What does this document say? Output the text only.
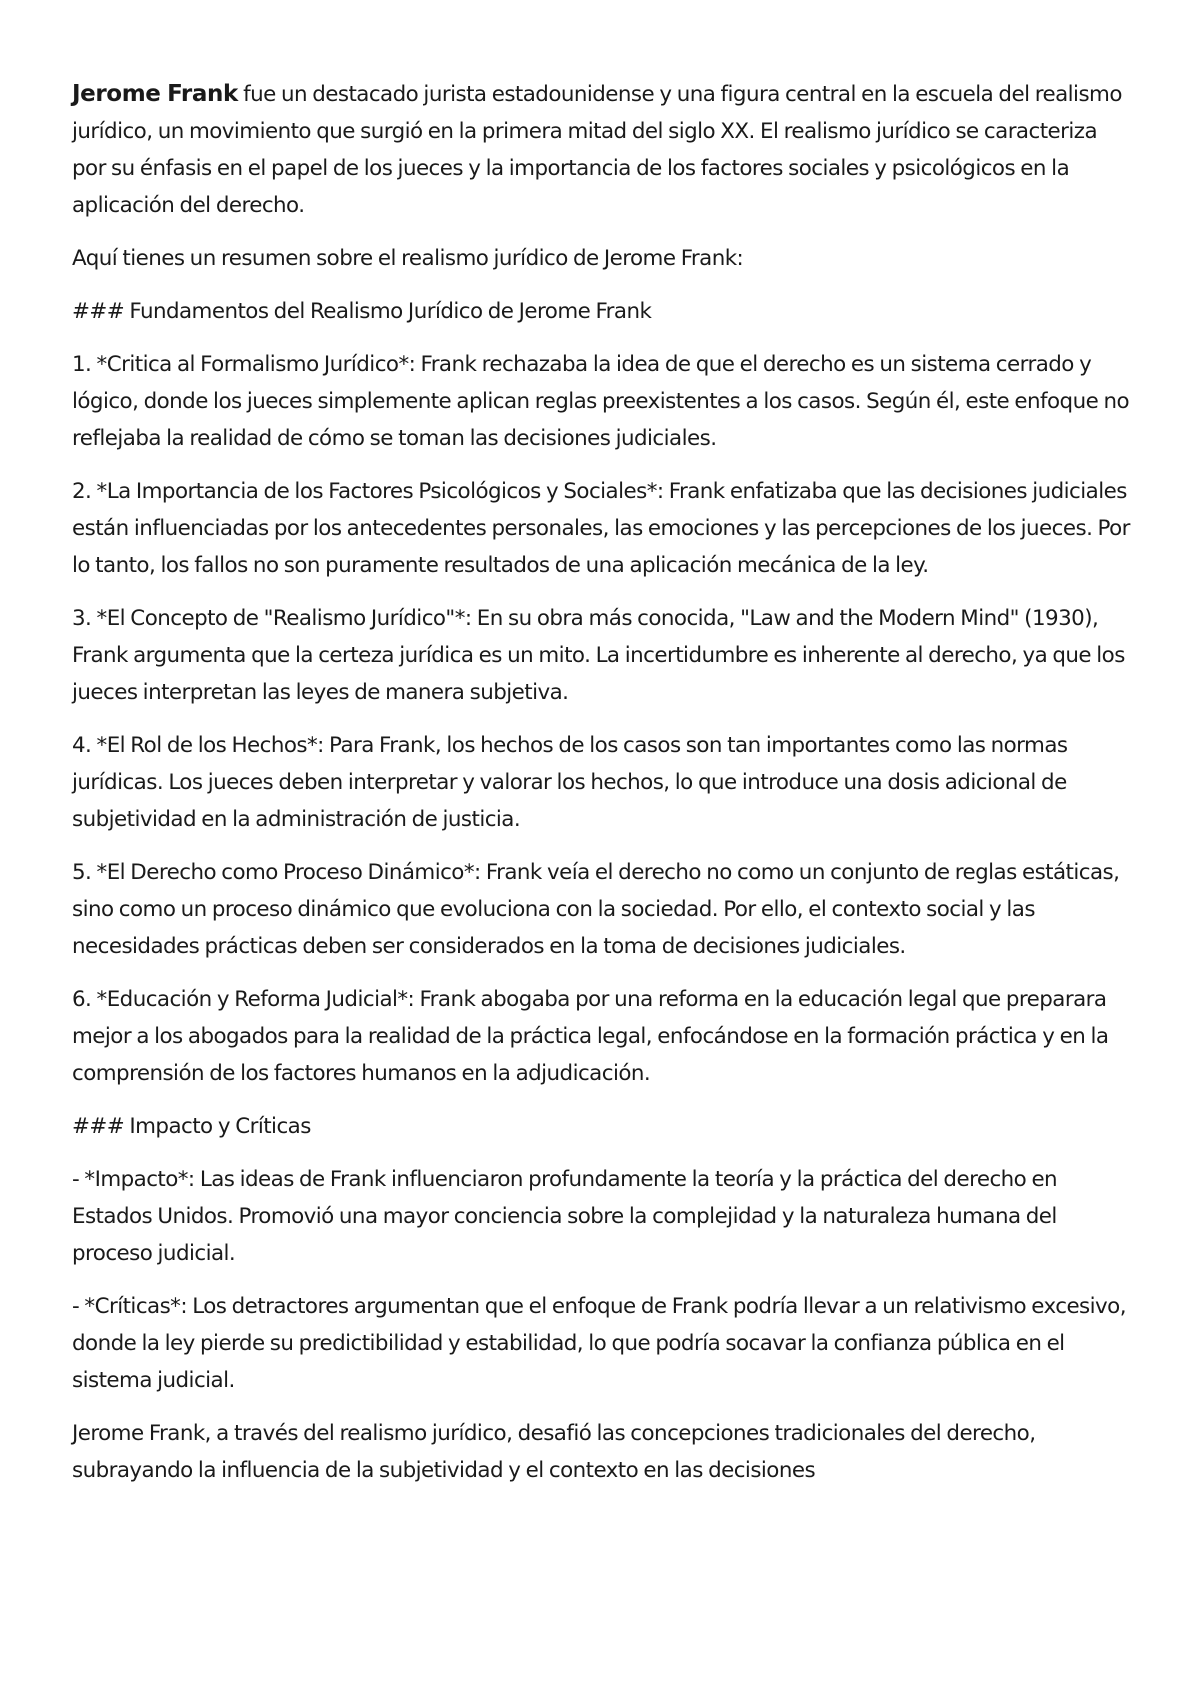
Jerome Frank fue un destacado jurista estadounidense y una figura central en la escuela del realismo jurídico, un movimiento que surgió en la primera mitad del siglo XX. El realismo jurídico se caracteriza por su énfasis en el papel de los jueces y la importancia de los factores sociales y psicológicos en la aplicación del derecho.

Aquí tienes un resumen sobre el realismo jurídico de Jerome Frank:

### Fundamentos del Realismo Jurídico de Jerome Frank

1. *Critica al Formalismo Jurídico*: Frank rechazaba la idea de que el derecho es un sistema cerrado y lógico, donde los jueces simplemente aplican reglas preexistentes a los casos. Según él, este enfoque no reflejaba la realidad de cómo se toman las decisiones judiciales.

2. *La Importancia de los Factores Psicológicos y Sociales*: Frank enfatizaba que las decisiones judiciales están influenciadas por los antecedentes personales, las emociones y las percepciones de los jueces. Por lo tanto, los fallos no son puramente resultados de una aplicación mecánica de la ley.

3. *El Concepto de "Realismo Jurídico"*: En su obra más conocida, "Law and the Modern Mind" (1930), Frank argumenta que la certeza jurídica es un mito. La incertidumbre es inherente al derecho, ya que los jueces interpretan las leyes de manera subjetiva.

4. *El Rol de los Hechos*: Para Frank, los hechos de los casos son tan importantes como las normas jurídicas. Los jueces deben interpretar y valorar los hechos, lo que introduce una dosis adicional de subjetividad en la administración de justicia.

5. *El Derecho como Proceso Dinámico*: Frank veía el derecho no como un conjunto de reglas estáticas, sino como un proceso dinámico que evoluciona con la sociedad. Por ello, el contexto social y las necesidades prácticas deben ser considerados en la toma de decisiones judiciales.

6. *Educación y Reforma Judicial*: Frank abogaba por una reforma en la educación legal que preparara mejor a los abogados para la realidad de la práctica legal, enfocándose en la formación práctica y en la comprensión de los factores humanos en la adjudicación.

### Impacto y Críticas

- *Impacto*: Las ideas de Frank influenciaron profundamente la teoría y la práctica del derecho en Estados Unidos. Promovió una mayor conciencia sobre la complejidad y la naturaleza humana del proceso judicial.

- *Críticas*: Los detractores argumentan que el enfoque de Frank podría llevar a un relativismo excesivo, donde la ley pierde su predictibilidad y estabilidad, lo que podría socavar la confianza pública en el sistema judicial.

Jerome Frank, a través del realismo jurídico, desafió las concepciones tradicionales del derecho, subrayando la influencia de la subjetividad y el contexto en las decisiones
